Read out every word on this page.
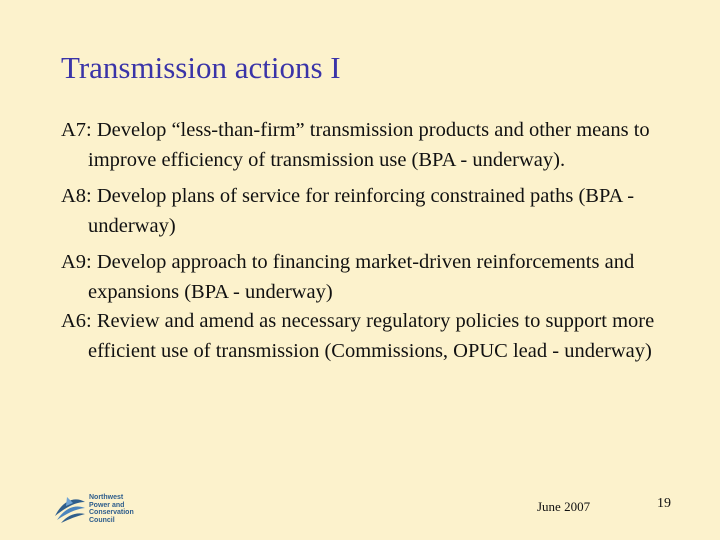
Transmission actions I
A7: Develop “less-than-firm” transmission products and other means to improve efficiency of transmission use (BPA - underway).
A8: Develop plans of service for reinforcing constrained paths (BPA - underway)
A9: Develop approach to financing market-driven reinforcements and expansions (BPA - underway)
A6: Review and amend as necessary regulatory policies to support more efficient use of transmission (Commissions, OPUC lead - underway)
Northwest
Power and
Conservation
Council
June 2007	19
